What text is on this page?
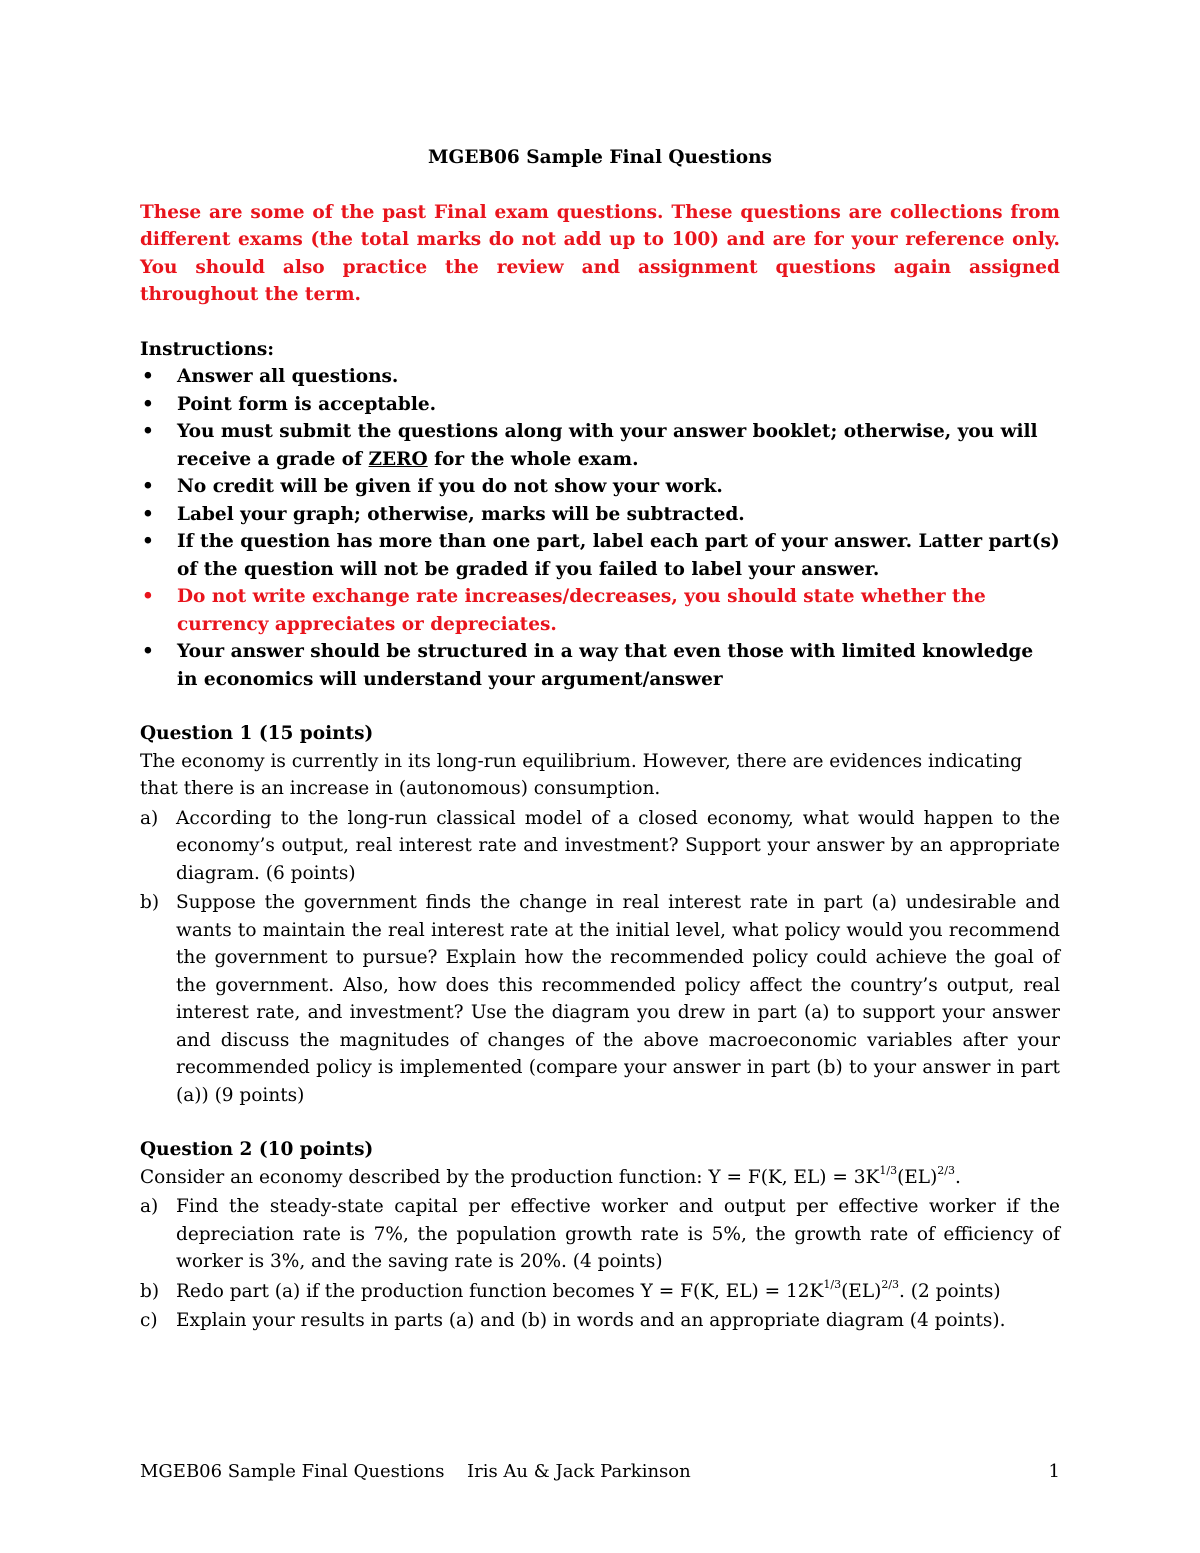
MGEB06 Sample Final Questions
These are some of the past Final exam questions. These questions are collections from different exams (the total marks do not add up to 100) and are for your reference only. You should also practice the review and assignment questions again assigned throughout the term.
Instructions:
• Answer all questions.
• Point form is acceptable.
• You must submit the questions along with your answer booklet; otherwise, you will receive a grade of ZERO for the whole exam.
• No credit will be given if you do not show your work.
• Label your graph; otherwise, marks will be subtracted.
• If the question has more than one part, label each part of your answer. Latter part(s) of the question will not be graded if you failed to label your answer.
• Do not write exchange rate increases/decreases, you should state whether the currency appreciates or depreciates.
• Your answer should be structured in a way that even those with limited knowledge in economics will understand your argument/answer
Question 1 (15 points)
The economy is currently in its long-run equilibrium. However, there are evidences indicating that there is an increase in (autonomous) consumption.
a) According to the long-run classical model of a closed economy, what would happen to the economy’s output, real interest rate and investment? Support your answer by an appropriate diagram. (6 points)
b) Suppose the government finds the change in real interest rate in part (a) undesirable and wants to maintain the real interest rate at the initial level, what policy would you recommend the government to pursue? Explain how the recommended policy could achieve the goal of the government. Also, how does this recommended policy affect the country’s output, real interest rate, and investment? Use the diagram you drew in part (a) to support your answer and discuss the magnitudes of changes of the above macroeconomic variables after your recommended policy is implemented (compare your answer in part (b) to your answer in part (a)) (9 points)
Question 2 (10 points)
Consider an economy described by the production function: Y = F(K, $EL) = 3K^{1/3}(EL)^{2/3}$.
a) Find the steady-state capital per effective worker and output per effective worker if the depreciation rate is 7%, the population growth rate is 5%, the growth rate of efficiency of worker is 3%, and the saving rate is 20%. (4 points)
b) Redo part (a) if the production function becomes Y = F(K, $EL) = 12K^{1/3}(EL)^{2/3}$. (2 points)
c) Explain your results in parts (a) and (b) in words and an appropriate diagram (4 points).
MGEB06 Sample Final Questions Iris Au & Jack Parkinson	1
